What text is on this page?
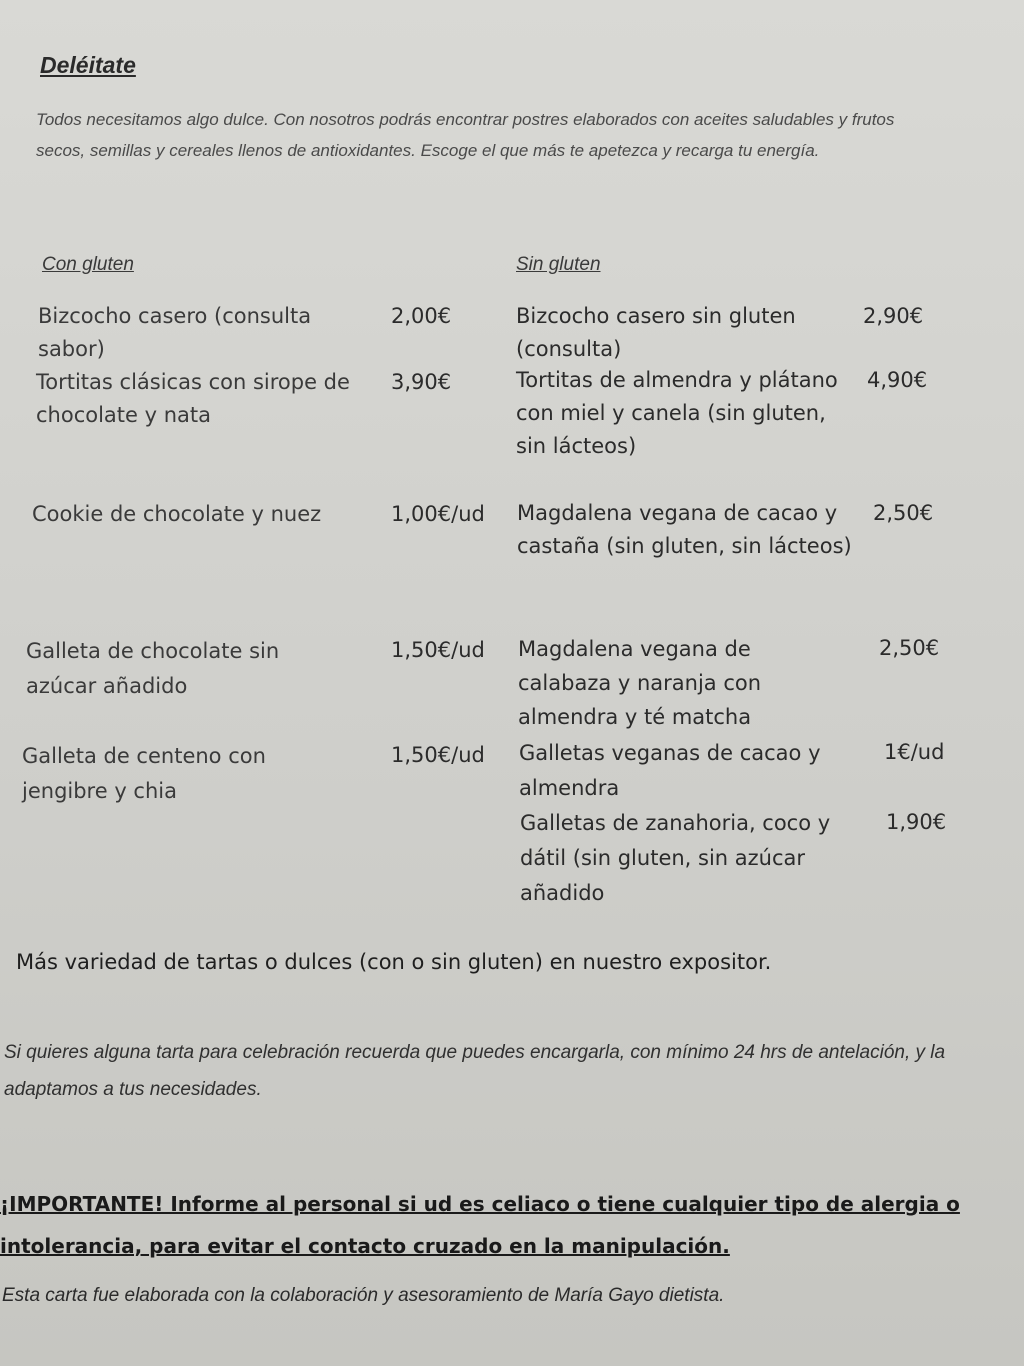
Deléitate
Todos necesitamos algo dulce. Con nosotros podrás encontrar postres elaborados con aceites saludables y frutos secos, semillas y cereales llenos de antioxidantes. Escoge el que más te apetezca y recarga tu energía.
Con gluten	Sin gluten
Bizcocho casero (consulta sabor)
2,00€
Tortitas clásicas con sirope de chocolate y nata
3,90€
Cookie de chocolate y nuez	1,00€/ud
Galleta de chocolate sin azúcar añadido
1,50€/ud
Galleta de centeno con jengibre y chia
1,50€/ud
Bizcocho casero sin gluten (consulta)
2,90€
Tortitas de almendra y plátano con miel y canela (sin gluten, sin lácteos)
4,90€
Magdalena vegana de cacao y castaña (sin gluten, sin lácteos)
2,50€
Magdalena vegana de calabaza y naranja con almendra y té matcha
2,50€
Galletas veganas de cacao y almendra
1€/ud
Galletas de zanahoria, coco y dátil (sin gluten, sin azúcar añadido
1,90€
Más variedad de tartas o dulces (con o sin gluten) en nuestro expositor.
Si quieres alguna tarta para celebración recuerda que puedes encargarla, con mínimo 24 hrs de antelación, y la adaptamos a tus necesidades.
¡IMPORTANTE! Informe al personal si ud es celiaco o tiene cualquier tipo de alergia o intolerancia, para evitar el contacto cruzado en la manipulación.
Esta carta fue elaborada con la colaboración y asesoramiento de María Gayo dietista.
